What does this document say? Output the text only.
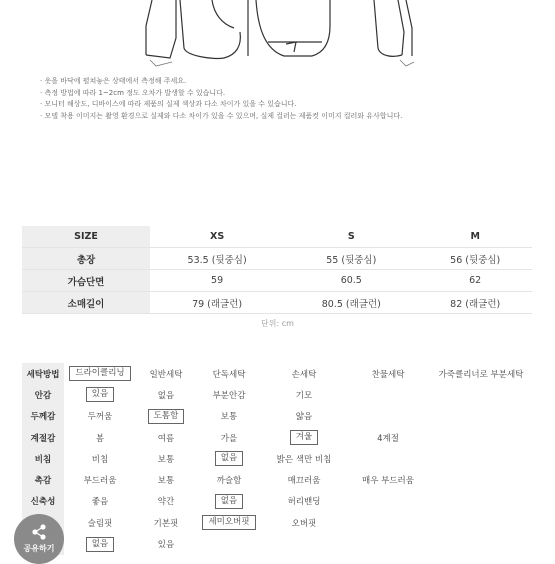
· 옷을 바닥에 펼쳐놓은 상태에서 측정해 주세요.
· 측정 방법에 따라 1~2cm 정도 오차가 발생할 수 있습니다.
· 모니터 해상도, 디바이스에 따라 제품의 실제 색상과 다소 차이가 있을 수 있습니다.
· 모델 착용 이미지는 촬영 환경으로 실제와 다소 차이가 있을 수 있으며, 실제 컬러는 제품컷 이미지 컬러와 유사합니다.
SIZE	XS	S	M
총장	53.5 (뒷중심)	55 (뒷중심)	56 (뒷중심)
가슴단면	59	60.5	62
소매길이	79 (래글런)	80.5 (래글런)	82 (래글런)
단위: cm
세탁방법	드라이클리닝	일반세탁	단독세탁	손세탁	찬물세탁	가죽클리너로 부분세탁
안감	있음	없음	부분안감	기모		
두께감	두꺼움	도톰함	보통	얇음		
계절감	봄	여름	가을	겨울	4계절	
비침	비침	보통	없음	밝은 색만 비침		
촉감	부드러움	보통	까슬함	매끄러움	매우 부드러움	
신축성	좋음	약간	없음	허리밴딩		
	슬림핏	기본핏	세미오버핏	오버핏		
	없음	있음				
공유하기
